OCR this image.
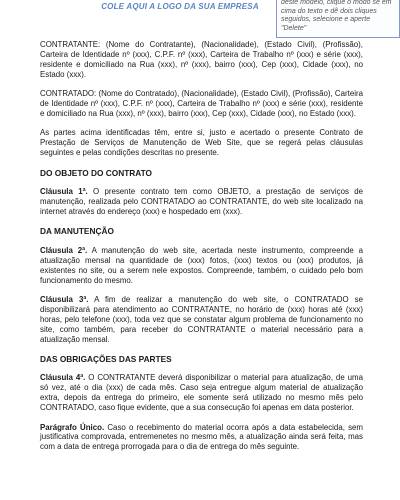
COLE AQUI A LOGO DA SUA EMPRESA	deste modelo, clique o modo se em cima do texto e dê dois cliques seguidos, selecione e aperte "Delete"

CONTRATANTE: (Nome do Contratante), (Nacionalidade), (Estado Civil), (Profissão), Carteira de Identidade nº (xxx), C.P.F. nº (xxx), Carteira de Trabalho nº (xxx) e série (xxx), residente e domiciliado na Rua (xxx), nº (xxx), bairro (xxx), Cep (xxx), Cidade (xxx), no Estado (xxx).

CONTRATADO: (Nome do Contratado), (Nacionalidade), (Estado Civil), (Profissão), Carteira de Identidade nº (xxx), C.P.F. nº (xxx), Carteira de Trabalho nº (xxx) e série (xxx), residente e domiciliado na Rua (xxx), nº (xxx), bairro (xxx), Cep (xxx), Cidade (xxx), no Estado (xxx).

As partes acima identificadas têm, entre si, justo e acertado o presente Contrato de Prestação de Serviços de Manutenção de Web Site, que se regerá pelas cláusulas seguintes e pelas condições descritas no presente.

DO OBJETO DO CONTRATO

Cláusula 1ª. O presente contrato tem como OBJETO, a prestação de serviços de manutenção, realizada pelo CONTRATADO ao CONTRATANTE, do web site localizado na internet através do endereço (xxx) e hospedado em (xxx).

DA MANUTENÇÃO

Cláusula 2ª. A manutenção do web site, acertada neste instrumento, compreende a atualização mensal na quantidade de (xxx) fotos, (xxx) textos ou (xxx) produtos, já existentes no site, ou a serem nele expostos. Compreende, também, o cuidado pelo bom funcionamento do mesmo.

Cláusula 3ª. A fim de realizar a manutenção do web site, o CONTRATADO se disponibilizará para atendimento ao CONTRATANTE, no horário de (xxx) horas até (xxx) horas, pelo telefone (xxx), toda vez que se constatar algum problema de funcionamento no site, como também, para receber do CONTRATANTE o material necessário para a atualização mensal.

DAS OBRIGAÇÕES DAS PARTES

Cláusula 4ª. O CONTRATANTE deverá disponibilizar o material para atualização, de uma só vez, até o dia (xxx) de cada mês. Caso seja entregue algum material de atualização extra, depois da entrega do primeiro, ele somente será utilizado no mesmo mês pelo CONTRATADO, caso fique evidente, que a sua consecução foi apenas em data posterior.

Parágrafo Único. Caso o recebimento do material ocorra após a data estabelecida, sem justificativa comprovada, entremenetes no mesmo mês, a atualização ainda será feita, mas com a data de entrega prorrogada para o dia de entrega do mês seguinte.
